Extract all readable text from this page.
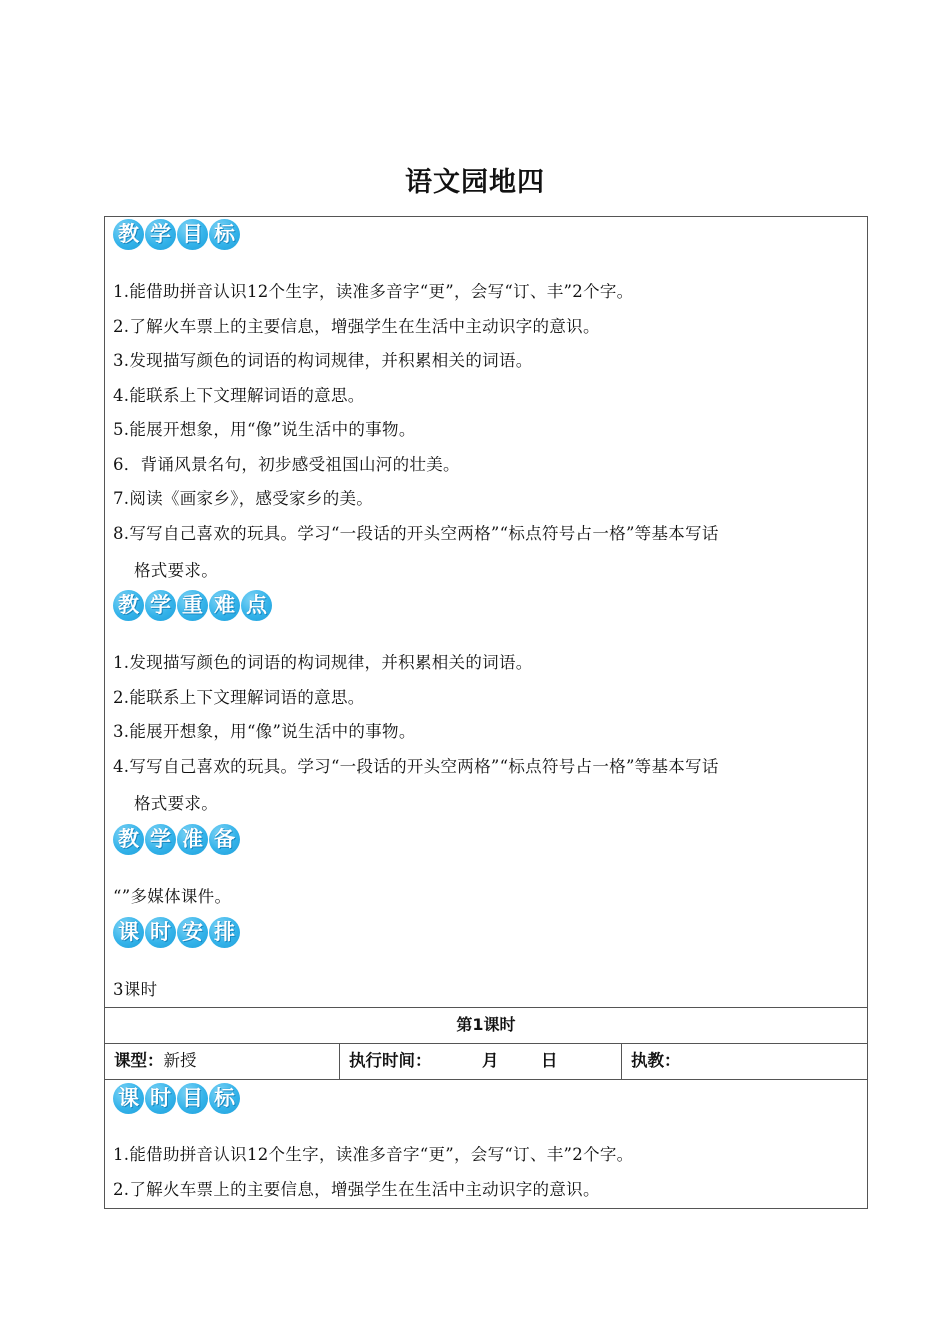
语文园地四
教 学 目 标
1.能借助拼音认识12个生字，读准多音字“更”，会写“订、丰”2个字。
2.了解火车票上的主要信息，增强学生在生活中主动识字的意识。
3.发现描写颜色的词语的构词规律，并积累相关的词语。
4.能联系上下文理解词语的意思。
5.能展开想象，用“像”说生活中的事物。
6．背诵风景名句，初步感受祖国山河的壮美。
7.阅读《画家乡》，感受家乡的美。
8.写写自己喜欢的玩具。学习“一段话的开头空两格”“标点符号占一格”等基本写话
格式要求。
教 学 重 难 点
1.发现描写颜色的词语的构词规律，并积累相关的词语。
2.能联系上下文理解词语的意思。
3.能展开想象，用“像”说生活中的事物。
4.写写自己喜欢的玩具。学习“一段话的开头空两格”“标点符号占一格”等基本写话
格式要求。
教 学 准 备
“”多媒体课件。
课 时 安 排
3课时
第1课时
课型：新授	执行时间：	月	日	执教：
课 时 目 标
1.能借助拼音认识12个生字，读准多音字“更”，会写“订、丰”2个字。
2.了解火车票上的主要信息，增强学生在生活中主动识字的意识。
